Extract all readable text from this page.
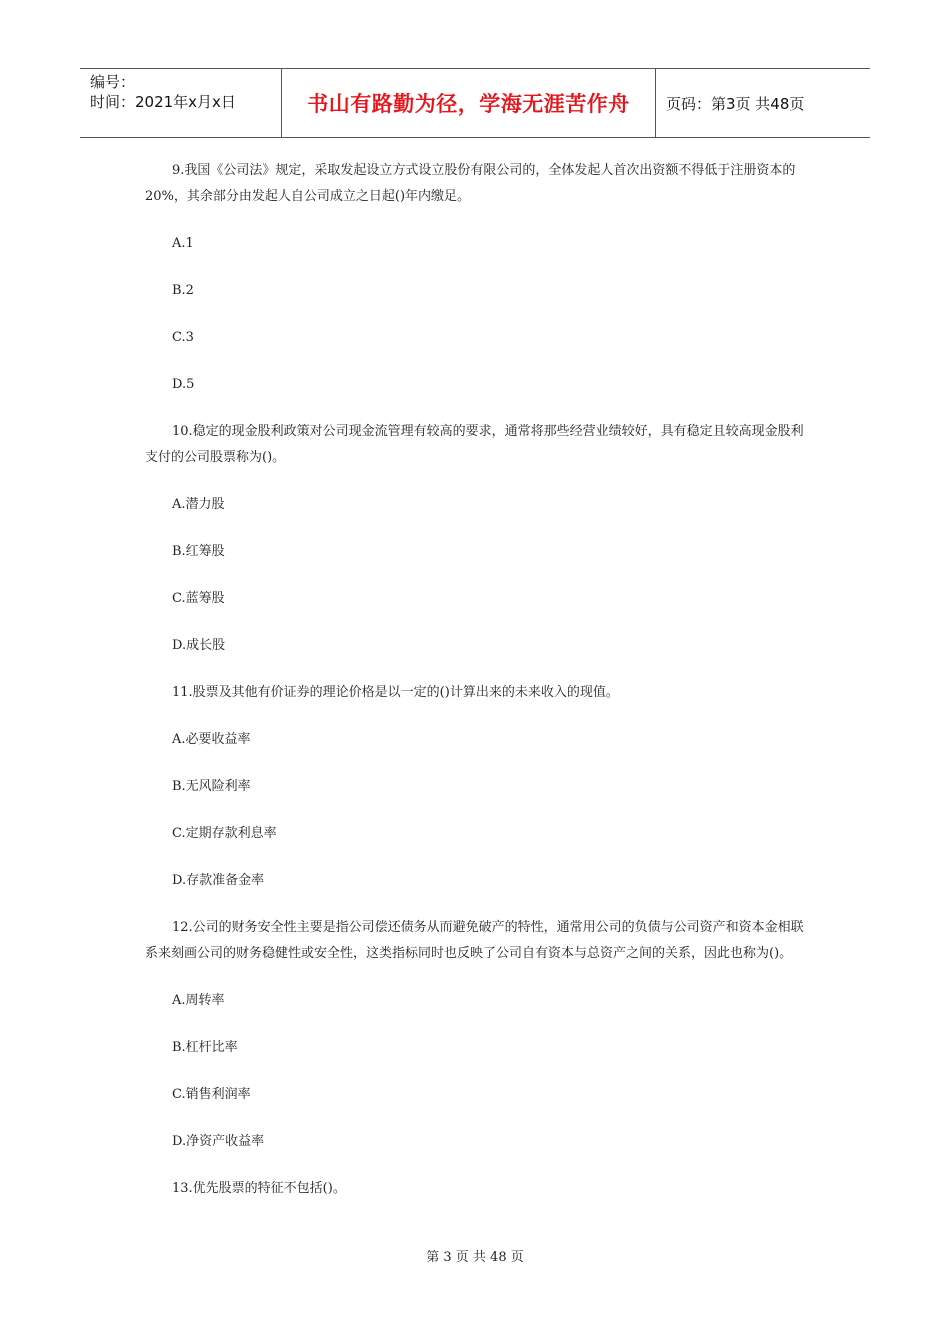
编号：
时间：2021年x月x日	书山有路勤为径，学海无涯苦作舟	页码：第3页 共48页

9.我国《公司法》规定，采取发起设立方式设立股份有限公司的，全体发起人首次出资额不得低于注册资本的20%，其余部分由发起人自公司成立之日起()年内缴足。

A.1

B.2

C.3

D.5

10.稳定的现金股利政策对公司现金流管理有较高的要求，通常将那些经营业绩较好，具有稳定且较高现金股利支付的公司股票称为()。

A.潜力股

B.红筹股

C.蓝筹股

D.成长股

11.股票及其他有价证券的理论价格是以一定的()计算出来的未来收入的现值。

A.必要收益率

B.无风险利率

C.定期存款利息率

D.存款准备金率

12.公司的财务安全性主要是指公司偿还债务从而避免破产的特性，通常用公司的负债与公司资产和资本金相联系来刻画公司的财务稳健性或安全性，这类指标同时也反映了公司自有资本与总资产之间的关系，因此也称为()。

A.周转率

B.杠杆比率

C.销售利润率

D.净资产收益率

13.优先股票的特征不包括()。

第 3 页 共 48 页
